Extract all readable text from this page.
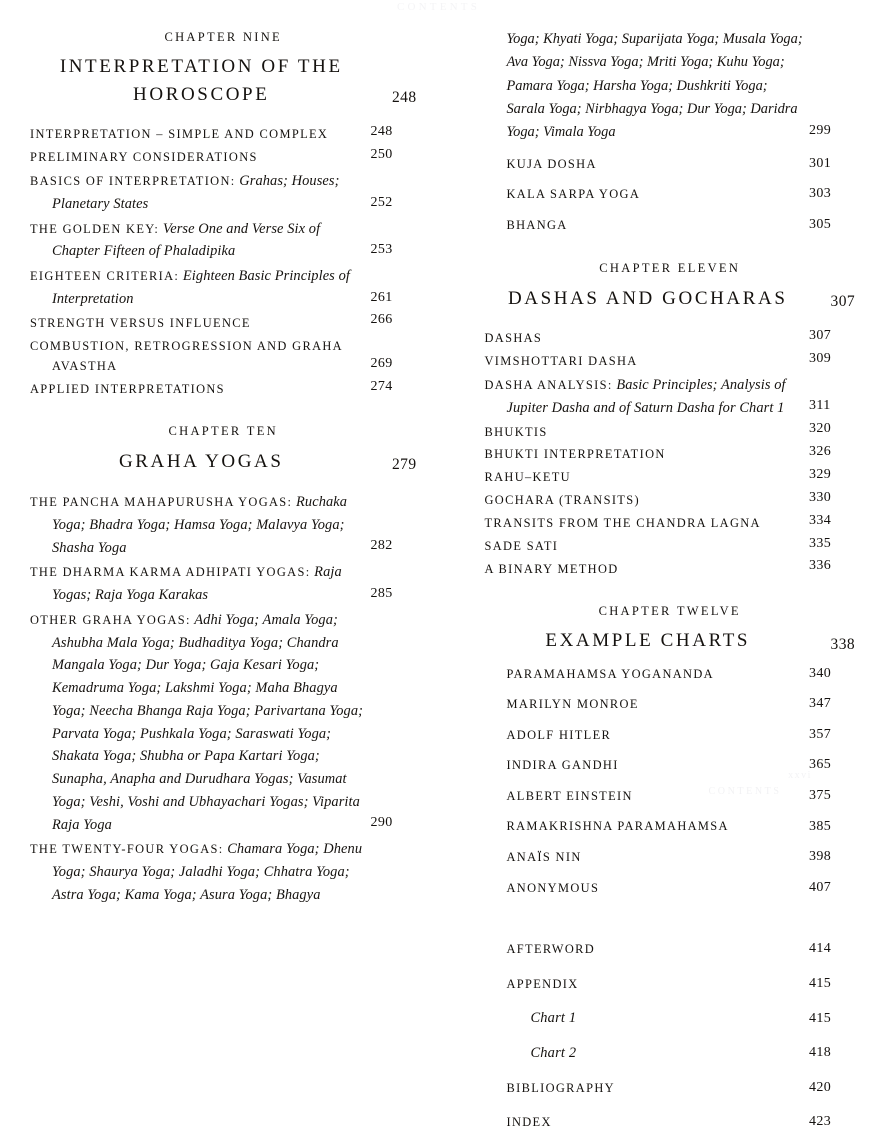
CONTENTS
xxvi
CONTENTS
CHAPTER NINE
INTERPRETATION OF THE
HOROSCOPE	248
INTERPRETATION – SIMPLE AND COMPLEX	248
PRELIMINARY CONSIDERATIONS	250
BASICS OF INTERPRETATION: Grahas; Houses; Planetary States	252
THE GOLDEN KEY: Verse One and Verse Six of Chapter Fifteen of Phaladipika	253
EIGHTEEN CRITERIA: Eighteen Basic Principles of Interpretation	261
STRENGTH VERSUS INFLUENCE	266
COMBUSTION, RETROGRESSION AND GRAHA AVASTHA	269
APPLIED INTERPRETATIONS	274
CHAPTER TEN
GRAHA YOGAS	279
THE PANCHA MAHAPURUSHA YOGAS: Ruchaka Yoga; Bhadra Yoga; Hamsa Yoga; Malavya Yoga; Shasha Yoga	282
THE DHARMA KARMA ADHIPATI YOGAS: Raja Yogas; Raja Yoga Karakas	285
OTHER GRAHA YOGAS: Adhi Yoga; Amala Yoga; Ashubha Mala Yoga; Budhaditya Yoga; Chandra Mangala Yoga; Dur Yoga; Gaja Kesari Yoga; Kemadruma Yoga; Lakshmi Yoga; Maha Bhagya Yoga; Neecha Bhanga Raja Yoga; Parivartana Yoga; Parvata Yoga; Pushkala Yoga; Saraswati Yoga; Shakata Yoga; Shubha or Papa Kartari Yoga; Sunapha, Anapha and Durudhara Yogas; Vasumat Yoga; Veshi, Voshi and Ubhayachari Yogas; Viparita Raja Yoga	290
THE TWENTY-FOUR YOGAS: Chamara Yoga; Dhenu Yoga; Shaurya Yoga; Jaladhi Yoga; Chhatra Yoga; Astra Yoga; Kama Yoga; Asura Yoga; Bhagya
Yoga; Khyati Yoga; Suparijata Yoga; Musala Yoga; Ava Yoga; Nissva Yoga; Mriti Yoga; Kuhu Yoga; Pamara Yoga; Harsha Yoga; Dushkriti Yoga; Sarala Yoga; Nirbhagya Yoga; Dur Yoga; Daridra Yoga; Vimala Yoga	299
KUJA DOSHA	301
KALA SARPA YOGA	303
BHANGA	305
CHAPTER ELEVEN
DASHAS AND GOCHARAS	307
DASHAS	307
VIMSHOTTARI DASHA	309
DASHA ANALYSIS: Basic Principles; Analysis of Jupiter Dasha and of Saturn Dasha for Chart 1	311
BHUKTIS	320
BHUKTI INTERPRETATION	326
RAHU–KETU	329
GOCHARA (TRANSITS)	330
TRANSITS FROM THE CHANDRA LAGNA	334
SADE SATI	335
A BINARY METHOD	336
CHAPTER TWELVE
EXAMPLE CHARTS	338
PARAMAHAMSA YOGANANDA	340
MARILYN MONROE	347
ADOLF HITLER	357
INDIRA GANDHI	365
ALBERT EINSTEIN	375
RAMAKRISHNA PARAMAHAMSA	385
ANAÏS NIN	398
ANONYMOUS	407
AFTERWORD	414
APPENDIX	415
Chart 1	415
Chart 2	418
BIBLIOGRAPHY	420
INDEX	423
